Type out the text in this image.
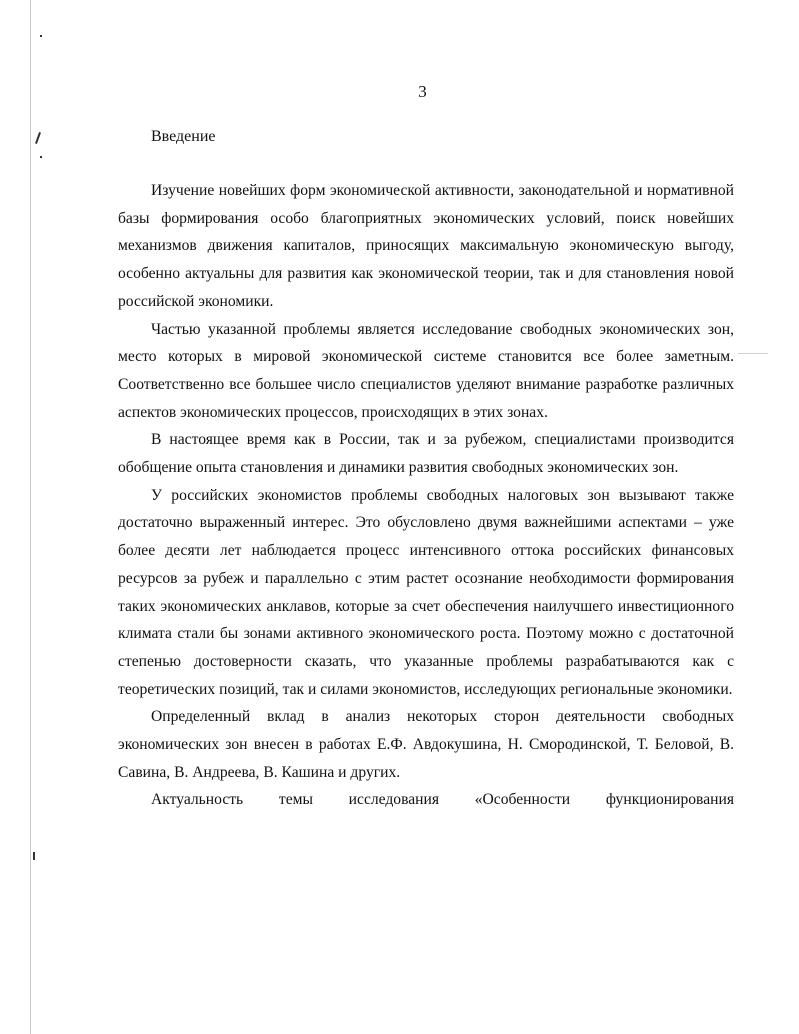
3
Введение

Изучение новейших форм экономической активности, законодательной и нормативной базы формирования особо благоприятных экономических условий, поиск новейших механизмов движения капиталов, приносящих максимальную экономическую выгоду, особенно актуальны для развития как экономической теории, так и для становления новой российской экономики.

Частью указанной проблемы является исследование свободных экономических зон, место которых в мировой экономической системе становится все более заметным. Соответственно все большее число специалистов уделяют внимание разработке различных аспектов экономических процессов, происходящих в этих зонах.

В настоящее время как в России, так и за рубежом, специалистами производится обобщение опыта становления и динамики развития свободных экономических зон.

У российских экономистов проблемы свободных налоговых зон вызывают также достаточно выраженный интерес. Это обусловлено двумя важнейшими аспектами – уже более десяти лет наблюдается процесс интенсивного оттока российских финансовых ресурсов за рубеж и параллельно с этим растет осознание необходимости формирования таких экономических анклавов, которые за счет обеспечения наилучшего инвестиционного климата стали бы зонами активного экономического роста. Поэтому можно с достаточной степенью достоверности сказать, что указанные проблемы разрабатываются как с теоретических позиций, так и силами экономистов, исследующих региональные экономики.

Определенный вклад в анализ некоторых сторон деятельности свободных экономических зон внесен в работах Е.Ф. Авдокушина, Н. Смородинской, Т. Беловой, В. Савина, В. Андреева, В. Кашина и других.

Актуальность темы исследования «Особенности функционирования
